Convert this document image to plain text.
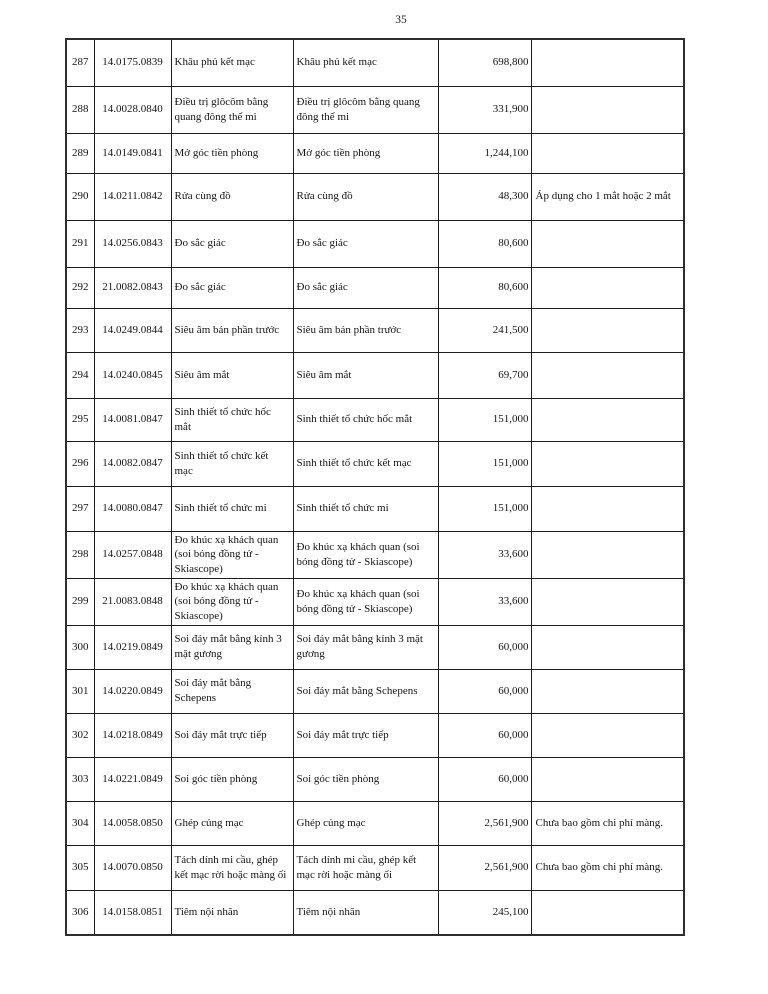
35
287	14.0175.0839	Khâu phủ kết mạc	Khâu phủ kết mạc	698,800	
288	14.0028.0840	Điều trị glôcôm bằng quang đông thể mi	Điều trị glôcôm bằng quang đông thể mi	331,900	
289	14.0149.0841	Mở góc tiền phòng	Mở góc tiền phòng	1,244,100	
290	14.0211.0842	Rửa cùng đồ	Rửa cùng đồ	48,300	Áp dụng cho 1 mắt hoặc 2 mắt
291	14.0256.0843	Đo sắc giác	Đo sắc giác	80,600	
292	21.0082.0843	Đo sắc giác	Đo sắc giác	80,600	
293	14.0249.0844	Siêu âm bán phần trước	Siêu âm bán phần trước	241,500	
294	14.0240.0845	Siêu âm mắt	Siêu âm mắt	69,700	
295	14.0081.0847	Sinh thiết tổ chức hốc mắt	Sinh thiết tổ chức hốc mắt	151,000	
296	14.0082.0847	Sinh thiết tổ chức kết mạc	Sinh thiết tổ chức kết mạc	151,000	
297	14.0080.0847	Sinh thiết tổ chức mi	Sinh thiết tổ chức mi	151,000	
298	14.0257.0848	Đo khúc xạ khách quan (soi bóng đồng tử - Skiascope)	Đo khúc xạ khách quan (soi bóng đồng tử - Skiascope)	33,600	
299	21.0083.0848	Đo khúc xạ khách quan (soi bóng đồng tử - Skiascope)	Đo khúc xạ khách quan (soi bóng đồng tử - Skiascope)	33,600	
300	14.0219.0849	Soi đáy mắt bằng kính 3 mặt gương	Soi đáy mắt bằng kính 3 mặt gương	60,000	
301	14.0220.0849	Soi đáy mắt bằng Schepens	Soi đáy mắt bằng Schepens	60,000	
302	14.0218.0849	Soi đáy mắt trực tiếp	Soi đáy mắt trực tiếp	60,000	
303	14.0221.0849	Soi góc tiền phòng	Soi góc tiền phòng	60,000	
304	14.0058.0850	Ghép củng mạc	Ghép củng mạc	2,561,900	Chưa bao gồm chi phí màng.
305	14.0070.0850	Tách dính mi cầu, ghép kết mạc rời hoặc màng ối	Tách dính mi cầu, ghép kết mạc rời hoặc màng ối	2,561,900	Chưa bao gồm chi phí màng.
306	14.0158.0851	Tiêm nội nhãn	Tiêm nội nhãn	245,100	
